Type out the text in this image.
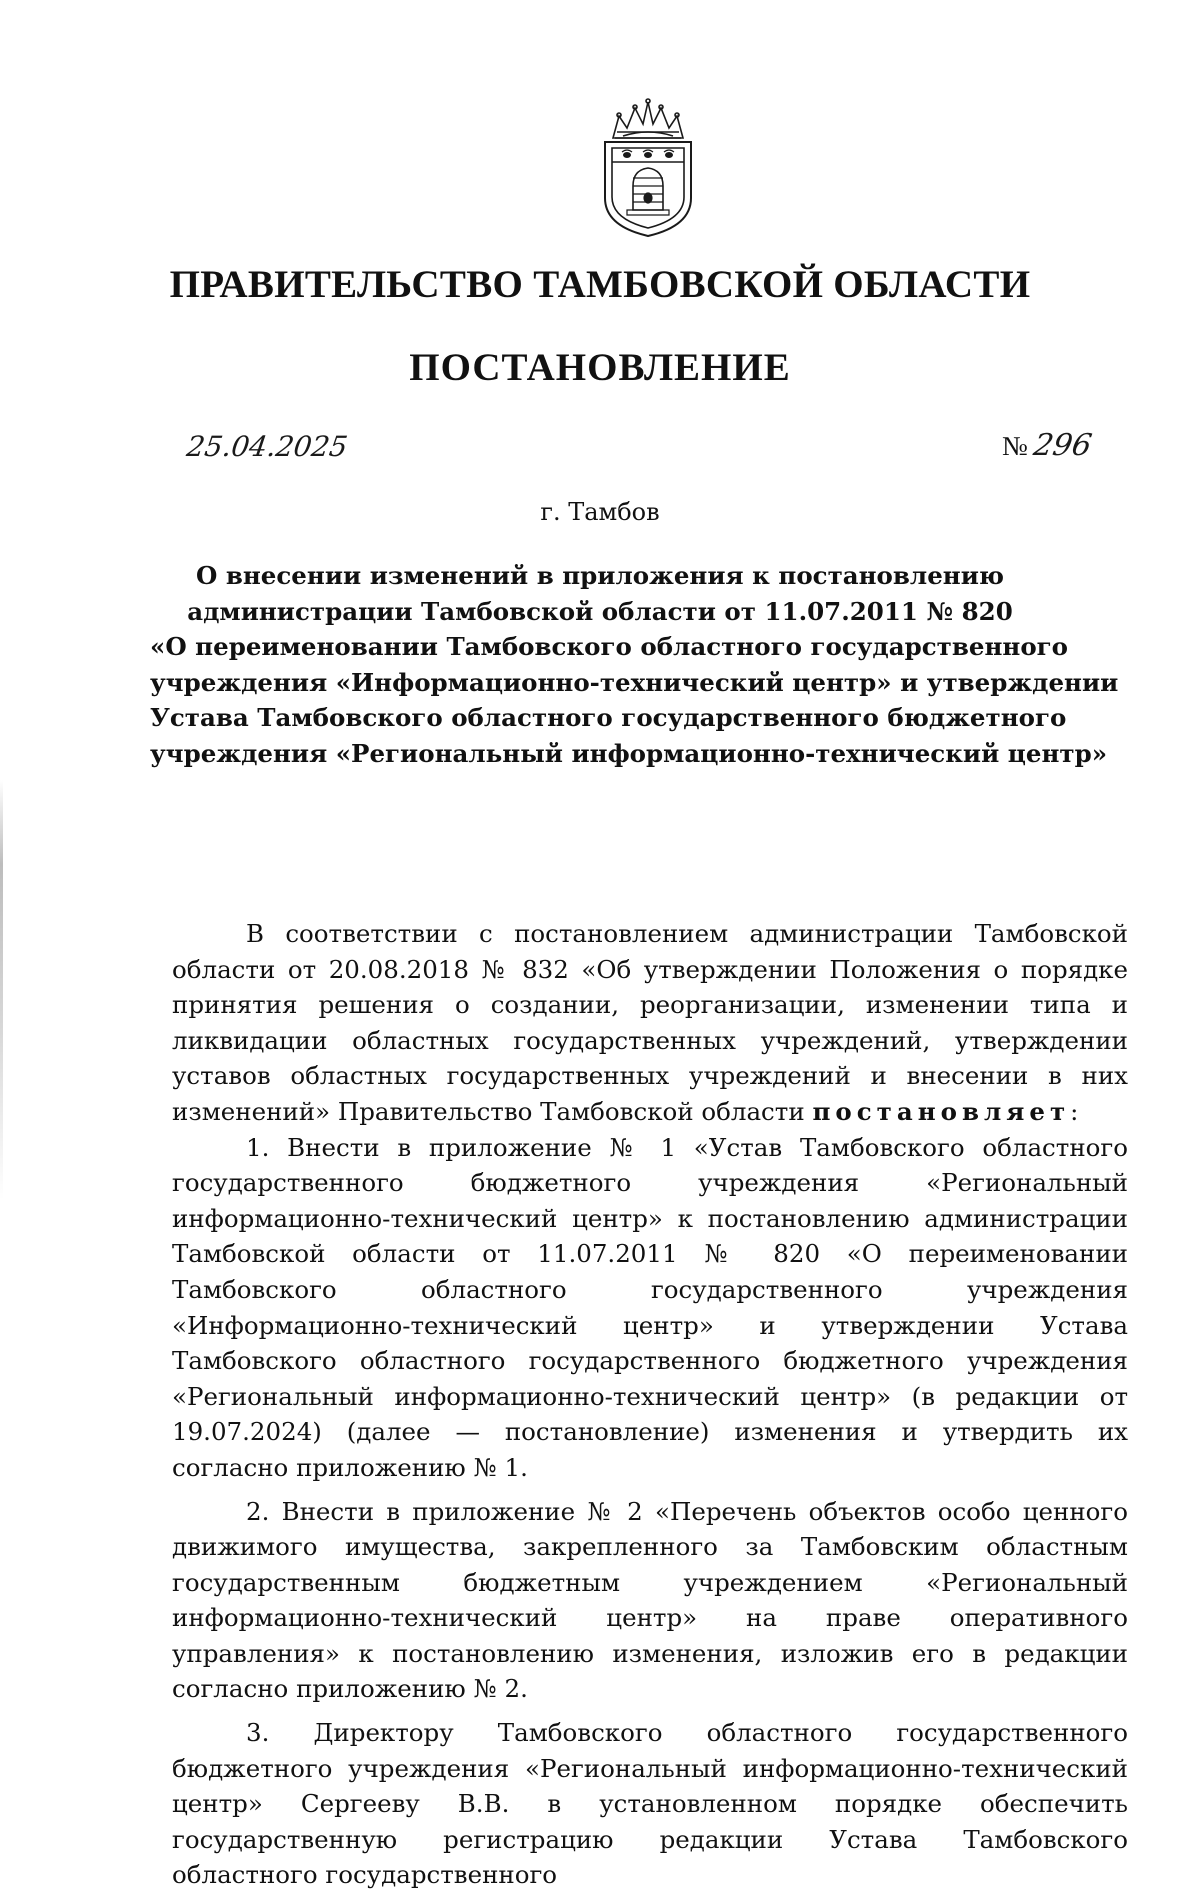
ПРАВИТЕЛЬСТВО ТАМБОВСКОЙ ОБЛАСТИ
ПОСТАНОВЛЕНИЕ
25.04.2025	№296
г. Тамбов
О внесении изменений в приложения к постановлению
администрации Тамбовской области от 11.07.2011 № 820
«О переименовании Тамбовского областного государственного
учреждения «Информационно-технический центр» и утверждении
Устава Тамбовского областного государственного бюджетного
учреждения «Региональный информационно-технический центр»

В соответствии с постановлением администрации Тамбовской области от 20.08.2018 № 832 «Об утверждении Положения о порядке принятия решения о создании, реорганизации, изменении типа и ликвидации областных государственных учреждений, утверждении уставов областных государственных учреждений и внесении в них изменений» Правительство Тамбовской области постановляет:

1. Внести в приложение № 1 «Устав Тамбовского областного государственного бюджетного учреждения «Региональный информационно-технический центр» к постановлению администрации Тамбовской области от 11.07.2011 № 820 «О переименовании Тамбовского областного государственного учреждения «Информационно-технический центр» и утверждении Устава Тамбовского областного государственного бюджетного учреждения «Региональный информационно-технический центр» (в редакции от 19.07.2024) (далее — постановление) изменения и утвердить их согласно приложению № 1.

2. Внести в приложение № 2 «Перечень объектов особо ценного движимого имущества, закрепленного за Тамбовским областным государственным бюджетным учреждением «Региональный информационно-технический центр» на праве оперативного управления» к постановлению изменения, изложив его в редакции согласно приложению № 2.

3. Директору Тамбовского областного государственного бюджетного учреждения «Региональный информационно-технический центр» Сергееву В.В. в установленном порядке обеспечить государственную регистрацию редакции Устава Тамбовского областного государственного
